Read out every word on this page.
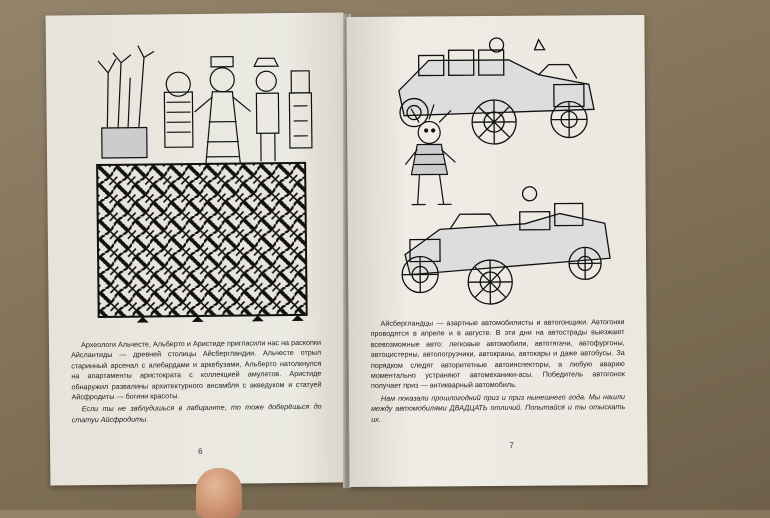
Археологи Альчесте, Альберто и Аристиде пригласили нас на раскопки Айслантиды — древней столицы Айсбергландии. Альчесте отрыл старинный арсенал с алебардами и аркебузами, Альберто натолкнулся на апартаменты аристократа с коллекцией амулетов. Аристиде обнаружил развалины архитектурного ансамбля с акведуком и статуей Айсфродиты — богини красоты.

Если ты не заблудишься в лабиринте, то тоже доберёшься до статуи Айсфродиты.

6

Айсбергландцы — азартные автомобилисты и автогонщики. Автогонки проводятся в апреле и в августе. В эти дни на автострады выезжают всевозможные авто: легковые автомобили, автотягачи, автофургоны, автоцистерны, автопогрузчики, автокраны, автокары и даже автобусы. За порядком следят авторитетные автоинспекторы, а любую аварию моментально устраняют автомеханики-асы. Победитель автогонок получает приз — антикварный автомобиль.

Нам показали прошлогодний приз и приз нынешнего года. Мы нашли между автомобилями ДВАДЦАТЬ отличий. Попытайся и ты отыскать их.

7
